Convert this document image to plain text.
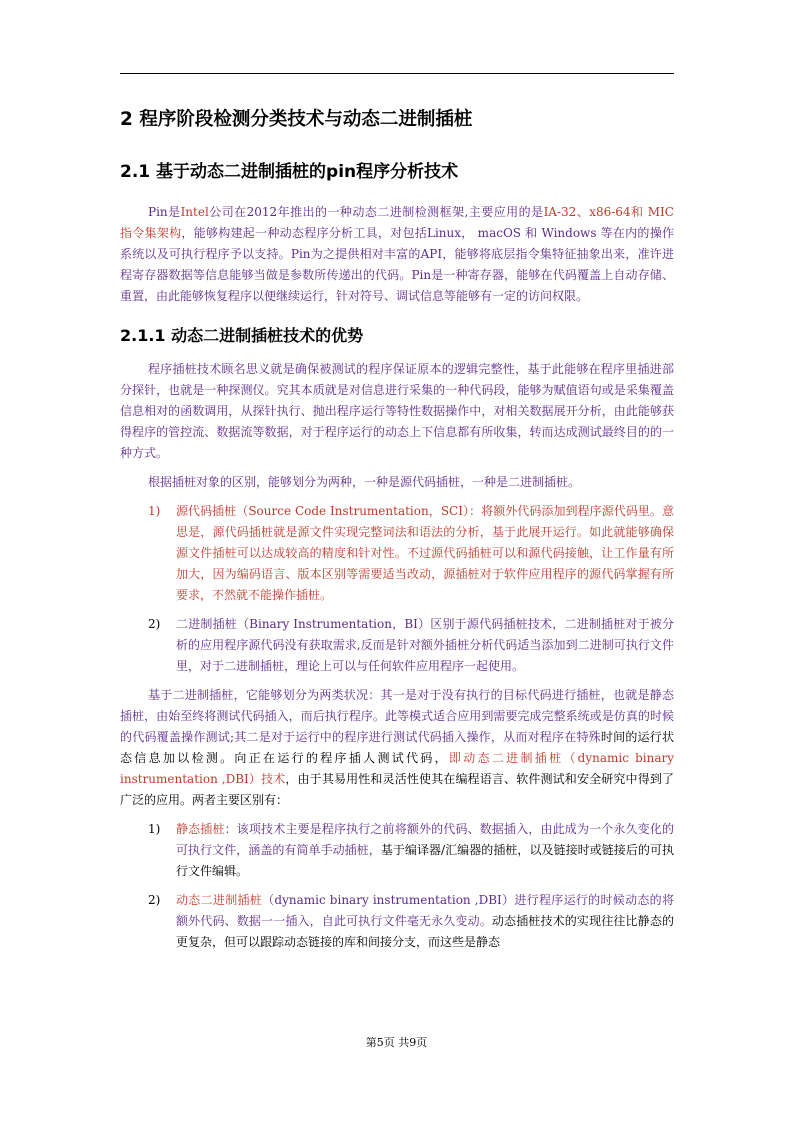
2 程序阶段检测分类技术与动态二进制插桩
2.1 基于动态二进制插桩的pin程序分析技术

Pin是Intel公司在2012年推出的一种动态二进制检测框架,主要应用的是IA-32、x86-64和 MIC 指令集架构，能够构建起一种动态程序分析工具，对包括Linux， macOS 和 Windows 等在内的操作系统以及可执行程序予以支持。Pin为之提供相对丰富的API，能够将底层指令集特征抽象出来，准许进程寄存器数据等信息能够当做是参数所传递出的代码。Pin是一种寄存器，能够在代码覆盖上自动存储、重置，由此能够恢复程序以便继续运行，针对符号、调试信息等能够有一定的访问权限。

2.1.1 动态二进制插桩技术的优势

程序插桩技术顾名思义就是确保被测试的程序保证原本的逻辑完整性，基于此能够在程序里插进部分探针，也就是一种探测仪。究其本质就是对信息进行采集的一种代码段，能够为赋值语句或是采集覆盖信息相对的函数调用，从探针执行、抛出程序运行等特性数据操作中，对相关数据展开分析，由此能够获得程序的管控流、数据流等数据，对于程序运行的动态上下信息都有所收集，转而达成测试最终目的的一种方式。

根据插桩对象的区别，能够划分为两种，一种是源代码插桩，一种是二进制插桩。

1) 源代码插桩（Source Code Instrumentation，SCI）：将额外代码添加到程序源代码里。意思是，源代码插桩就是源文件实现完整词法和语法的分析，基于此展开运行。如此就能够确保源文件插桩可以达成较高的精度和针对性。不过源代码插桩可以和源代码接触，让工作量有所加大，因为编码语言、版本区别等需要适当改动，源插桩对于软件应用程序的源代码掌握有所要求，不然就不能操作插桩。

2) 二进制插桩（Binary Instrumentation，BI）区别于源代码插桩技术，二进制插桩对于被分析的应用程序源代码没有获取需求,反而是针对额外插桩分析代码适当添加到二进制可执行文件里，对于二进制插桩，理论上可以与任何软件应用程序一起使用。

基于二进制插桩，它能够划分为两类状况：其一是对于没有执行的目标代码进行插桩，也就是静态插桩，由始至终将测试代码插入，而后执行程序。此等模式适合应用到需要完成完整系统或是仿真的时候的代码覆盖操作测试;其二是对于运行中的程序进行测试代码插入操作，从而对程序在特殊时间的运行状态信息加以检测。向正在运行的程序插人测试代码，即动态二进制插桩（dynamic binary instrumentation ,DBI）技术，由于其易用性和灵活性使其在编程语言、软件测试和安全研究中得到了广泛的应用。两者主要区别有：

1) 静态插桩：该项技术主要是程序执行之前将额外的代码、数据插入，由此成为一个永久变化的可执行文件，涵盖的有简单手动插桩，基于编译器/汇编器的插桩，以及链接时或链接后的可执行文件编辑。

2) 动态二进制插桩（dynamic binary instrumentation ,DBI）进行程序运行的时候动态的将额外代码、数据一一插入，自此可执行文件毫无永久变动。动态插桩技术的实现往往比静态的更复杂，但可以跟踪动态链接的库和间接分支，而这些是静态

第5页 共9页
